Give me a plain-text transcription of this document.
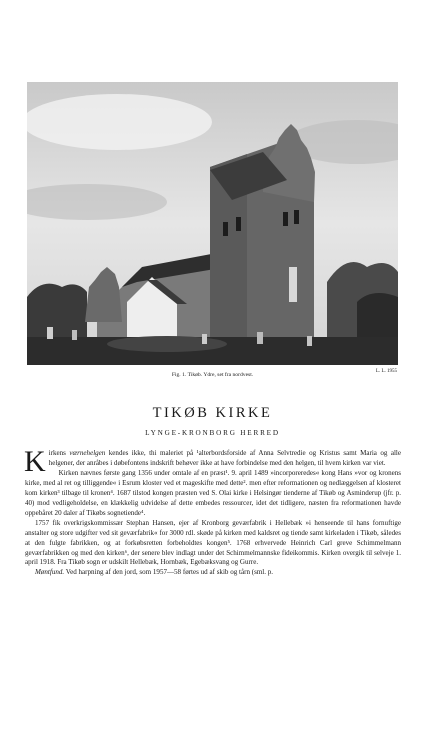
Fig. 1. Tikøb. Ydre, set fra nordvest.
L. L. 1955
TIKØB KIRKE
LYNGE-KRONBORG HERRED

Kirkens værnehelgen kendes ikke, thi maleriet på ¹alterbordsforside af Anna Selvtredie og Kristus samt Maria og alle helgener, der anråbes i døbefontens indskrift behøver ikke at have forbindelse med den helgen, til hvem kirken var viet.

Kirken nævnes første gang 1356 under omtale af en præst¹. 9. april 1489 »incorporeredes« kong Hans »vor og kronens kirke, med al ret og tilliggende« i Esrum kloster ved et mageskifte med dette². men efter reformationen og nedlæggelsen af klosteret kom kirken³ tilbage til kronen⁴. 1687 tilstod kongen præsten ved S. Olai kirke i Helsingør tienderne af Tikøb og Asminderup (jfr. p. 40) mod vedligeholdelse, en klækkelig udvidelse af dette embedes ressourcer, idet det tidligere, næsten fra reformationen havde oppebåret 20 daler af Tikøbs sognetiende⁴.

1757 fik overkrigskommissær Stephan Hansen, ejer af Kronborg geværfabrik i Hellebæk »i henseende til hans fornuftige anstalter og store udgifter ved sit geværfabrik« for 3000 rdl. skøde på kirken med kaldsret og tiende samt kirkeladen i Tikøb, således at den fulgte fabrikken, og at forkøbsretten forbeholdtes kongen⁵. 1768 erhvervede Heinrich Carl greve Schimmelmann geværfabrikken og med den kirken⁶, der senere blev indlagt under det Schimmelmannske fideikommis. Kirken overgik til selveje 1. april 1918. Fra Tikøb sogn er udskilt Hellebæk, Hornbæk, Egebæksvang og Gurre.

Møntfund. Ved harpning af den jord, som 1957—58 førtes ud af skib og tårn (sml. p.
